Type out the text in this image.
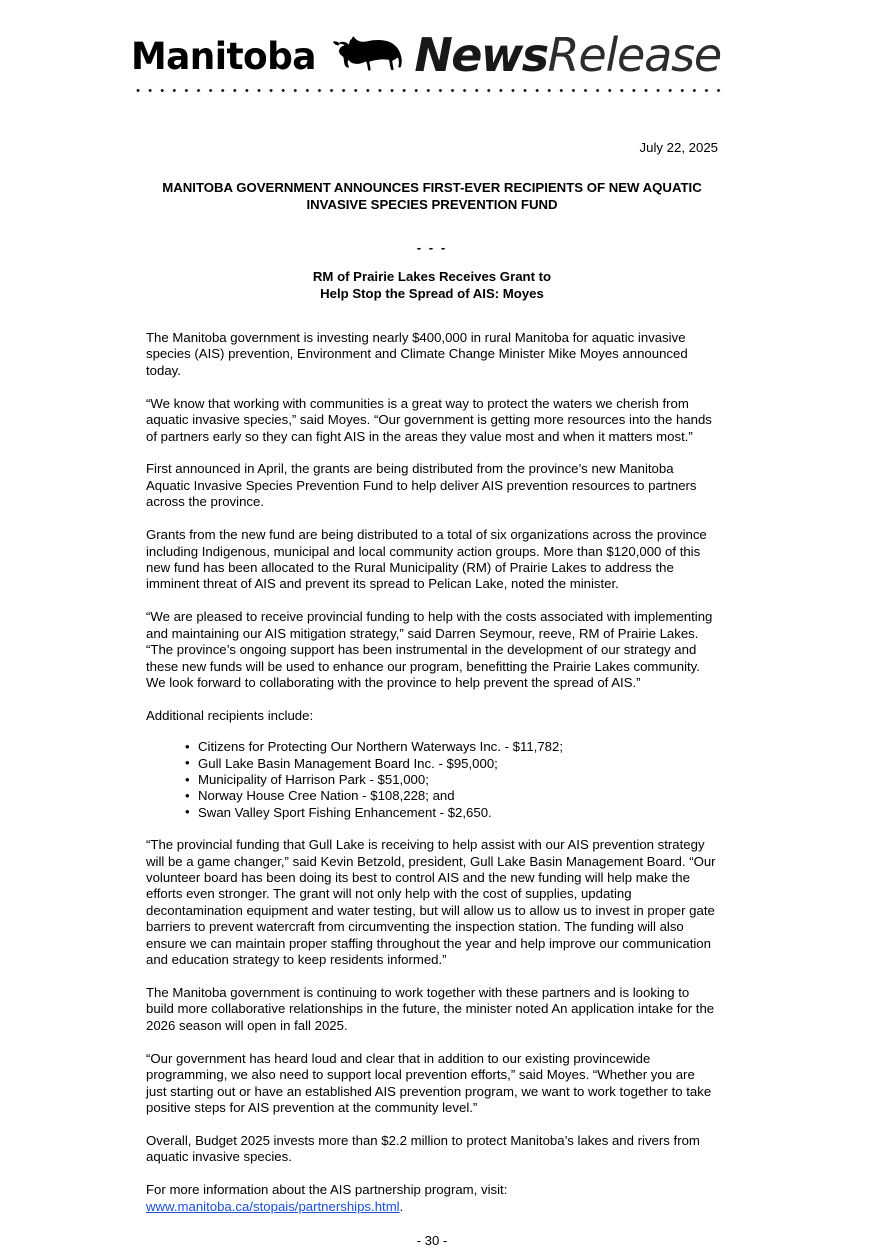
Manitoba NewsRelease

July 22, 2025

MANITOBA GOVERNMENT ANNOUNCES FIRST-EVER RECIPIENTS OF NEW AQUATIC INVASIVE SPECIES PREVENTION FUND

- - -

RM of Prairie Lakes Receives Grant to
Help Stop the Spread of AIS: Moyes

The Manitoba government is investing nearly $400,000 in rural Manitoba for aquatic invasive species (AIS) prevention, Environment and Climate Change Minister Mike Moyes announced today.

“We know that working with communities is a great way to protect the waters we cherish from aquatic invasive species,” said Moyes. “Our government is getting more resources into the hands of partners early so they can fight AIS in the areas they value most and when it matters most.”

First announced in April, the grants are being distributed from the province’s new Manitoba Aquatic Invasive Species Prevention Fund to help deliver AIS prevention resources to partners across the province.

Grants from the new fund are being distributed to a total of six organizations across the province including Indigenous, municipal and local community action groups. More than $120,000 of this new fund has been allocated to the Rural Municipality (RM) of Prairie Lakes to address the imminent threat of AIS and prevent its spread to Pelican Lake, noted the minister.

“We are pleased to receive provincial funding to help with the costs associated with implementing and maintaining our AIS mitigation strategy,” said Darren Seymour, reeve, RM of Prairie Lakes. “The province’s ongoing support has been instrumental in the development of our strategy and these new funds will be used to enhance our program, benefitting the Prairie Lakes community. We look forward to collaborating with the province to help prevent the spread of AIS.”

Additional recipients include:

• Citizens for Protecting Our Northern Waterways Inc. - $11,782;
• Gull Lake Basin Management Board Inc. - $95,000;
• Municipality of Harrison Park - $51,000;
• Norway House Cree Nation - $108,228; and
• Swan Valley Sport Fishing Enhancement - $2,650.

“The provincial funding that Gull Lake is receiving to help assist with our AIS prevention strategy will be a game changer,” said Kevin Betzold, president, Gull Lake Basin Management Board. “Our volunteer board has been doing its best to control AIS and the new funding will help make the efforts even stronger. The grant will not only help with the cost of supplies, updating decontamination equipment and water testing, but will allow us to allow us to invest in proper gate barriers to prevent watercraft from circumventing the inspection station. The funding will also ensure we can maintain proper staffing throughout the year and help improve our communication and education strategy to keep residents informed.”

The Manitoba government is continuing to work together with these partners and is looking to build more collaborative relationships in the future, the minister noted An application intake for the 2026 season will open in fall 2025.

“Our government has heard loud and clear that in addition to our existing provincewide programming, we also need to support local prevention efforts,” said Moyes. “Whether you are just starting out or have an established AIS prevention program, we want to work together to take positive steps for AIS prevention at the community level.”

Overall, Budget 2025 invests more than $2.2 million to protect Manitoba’s lakes and rivers from aquatic invasive species.

For more information about the AIS partnership program, visit:
www.manitoba.ca/stopais/partnerships.html.

- 30 -
